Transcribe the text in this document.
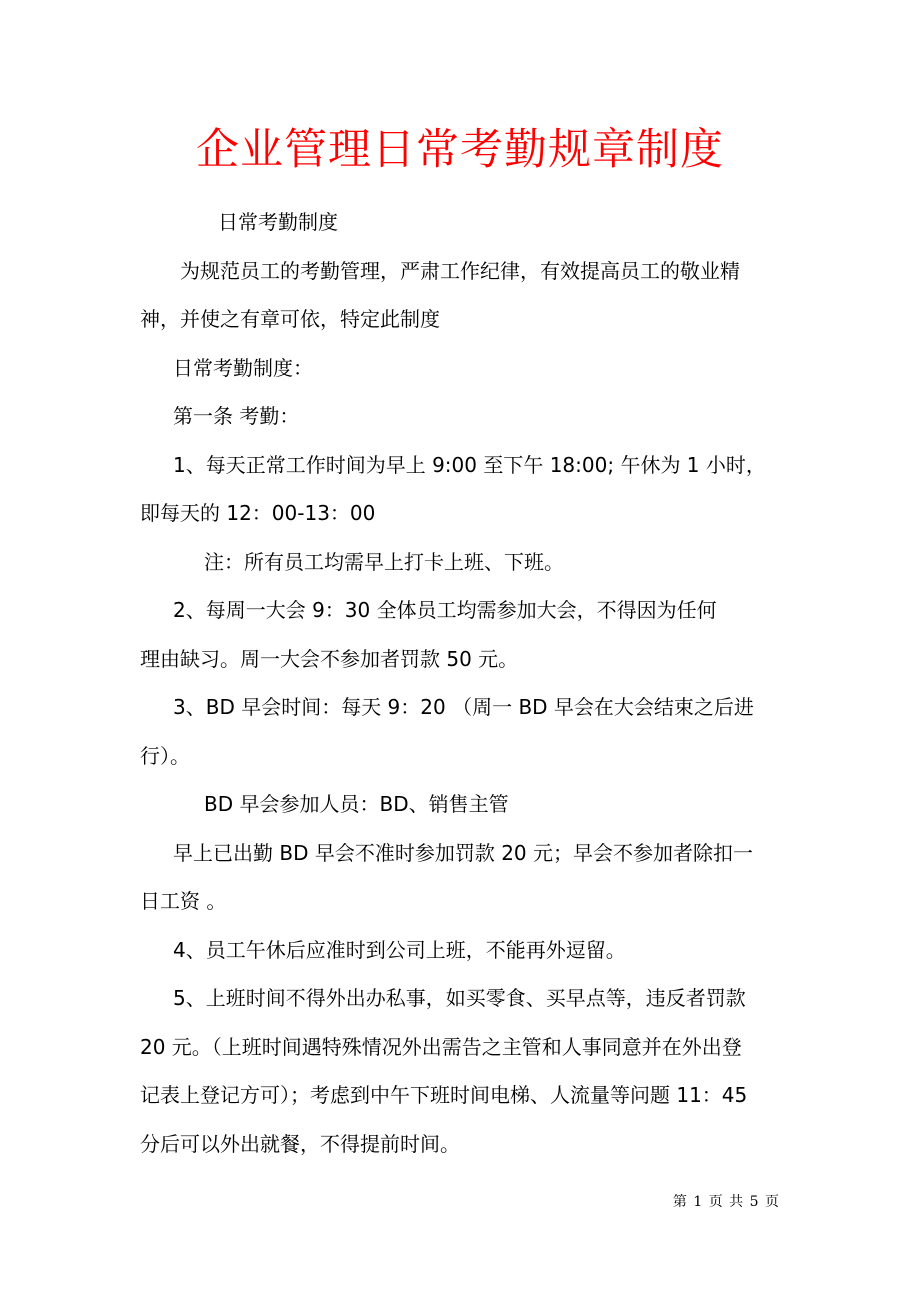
企业管理日常考勤规章制度
日常考勤制度
为规范员工的考勤管理，严肃工作纪律，有效提高员工的敬业精
神，并使之有章可依，特定此制度
日常考勤制度：
第一条 考勤：
1、每天正常工作时间为早上 9:00 至下午 18:00; 午休为 1 小时，
即每天的 12：00-13：00
注：所有员工均需早上打卡上班、下班。
2、每周一大会 9：30 全体员工均需参加大会，不得因为任何
理由缺习。周一大会不参加者罚款 50 元。
3、BD 早会时间：每天 9：20 （周一 BD 早会在大会结束之后进
行）。
BD 早会参加人员：BD、销售主管
早上已出勤 BD 早会不准时参加罚款 20 元；早会不参加者除扣一
日工资 。
4、员工午休后应准时到公司上班，不能再外逗留。
5、上班时间不得外出办私事，如买零食、买早点等，违反者罚款
20 元。（上班时间遇特殊情况外出需告之主管和人事同意并在外出登
记表上登记方可）；考虑到中午下班时间电梯、人流量等问题 11：45
分后可以外出就餐，不得提前时间。
第 1 页 共 5 页
